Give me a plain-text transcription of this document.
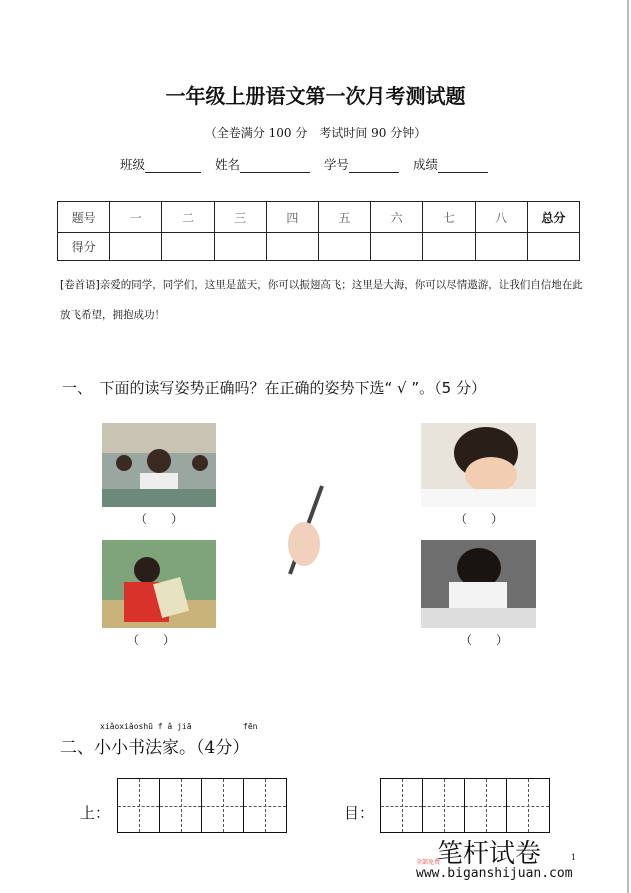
一年级上册语文第一次月考测试题
（全卷满分 100 分　考试时间 90 分钟）
班级	姓名	学号	成绩
题号	一	二	三	四	五	六	七	八	总分
得分									
[卷首语]亲爱的同学，同学们，这里是蓝天，你可以振翅高飞；这里是大海，你可以尽情遨游，让我们自信地在此放飞希望，拥抱成功！
一、　下面的读写姿势正确吗？在正确的姿势下选“ √ ”。（5 分）
（　　）	（　　）
（　　）	（　　）
xiǎoxiǎoshū f ǎ jiā	fēn
二、小小书法家。（4分）
上：	目：
笔杆试卷
全部免费
www.biganshijuan.com
1
